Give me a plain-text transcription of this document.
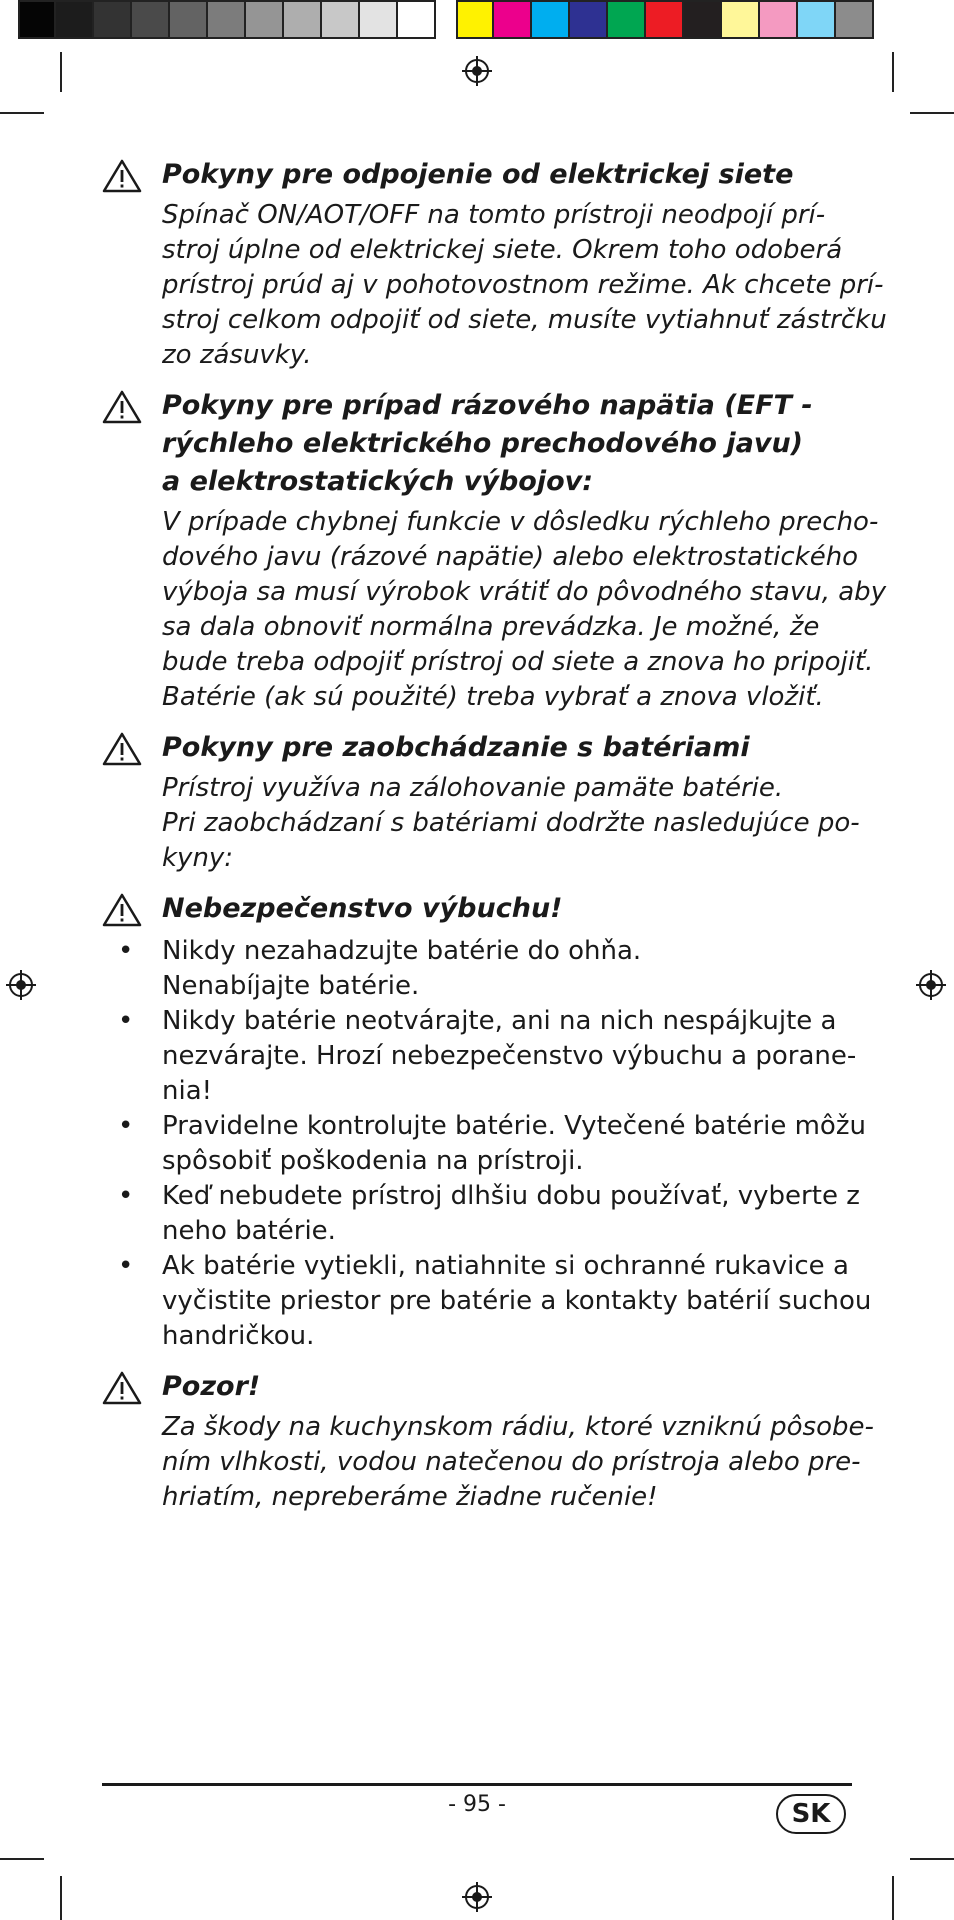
Pokyny pre odpojenie od elektrickej siete
Spínač ON/AOT/OFF na tomto prístroji neodpojí prí-
stroj úplne od elektrickej siete. Okrem toho odoberá
prístroj prúd aj v pohotovostnom režime. Ak chcete prí-
stroj celkom odpojiť od siete, musíte vytiahnuť zástrčku
zo zásuvky.
Pokyny pre prípad rázového napätia (EFT -
rýchleho elektrického prechodového javu)
a elektrostatických výbojov:
V prípade chybnej funkcie v dôsledku rýchleho precho-
dového javu (rázové napätie) alebo elektrostatického
výboja sa musí výrobok vrátiť do pôvodného stavu, aby
sa dala obnoviť normálna prevádzka. Je možné, že
bude treba odpojiť prístroj od siete a znova ho pripojiť.
Batérie (ak sú použité) treba vybrať a znova vložiť.
Pokyny pre zaobchádzanie s batériami
Prístroj využíva na zálohovanie pamäte batérie.
Pri zaobchádzaní s batériami dodržte nasledujúce po-
kyny:
Nebezpečenstvo výbuchu!
• Nikdy nezahadzujte batérie do ohňa.
Nenabíjajte batérie.
• Nikdy batérie neotvárajte, ani na nich nespájkujte a
nezvárajte. Hrozí nebezpečenstvo výbuchu a porane-
nia!
• Pravidelne kontrolujte batérie. Vytečené batérie môžu
spôsobiť poškodenia na prístroji.
• Keď nebudete prístroj dlhšiu dobu používať, vyberte z
neho batérie.
• Ak batérie vytiekli, natiahnite si ochranné rukavice a
vyčistite priestor pre batérie a kontakty batérií suchou
handričkou.
Pozor!
Za škody na kuchynskom rádiu, ktoré vzniknú pôsobe-
ním vlhkosti, vodou natečenou do prístroja alebo pre-
hriatím, nepreberáme žiadne ručenie!
- 95 -	SK
